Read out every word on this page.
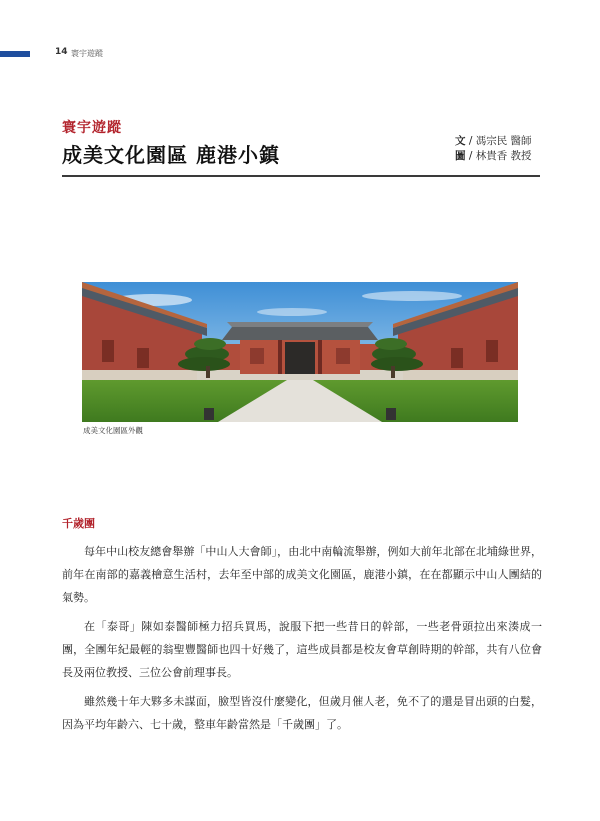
14 寰宇遊蹤
寰宇遊蹤
成美文化園區 鹿港小鎮
文 / 馮宗民 醫師
圖 / 林貴香 教授
成美文化園區外觀
千歲團

每年中山校友總會舉辦「中山人大會師」，由北中南輪流舉辦，例如大前年北部在北埔綠世界，前年在南部的嘉義檜意生活村，去年至中部的成美文化園區，鹿港小鎮，在在都顯示中山人團結的氣勢。

在「泰哥」陳如泰醫師極力招兵買馬，說服下把一些昔日的幹部，一些老骨頭拉出來湊成一團，全團年紀最輕的翁聖豐醫師也四十好幾了，這些成員都是校友會草創時期的幹部，共有八位會長及兩位教授、三位公會前理事長。

雖然幾十年大夥多未謀面，臉型皆沒什麼變化，但歲月催人老，免不了的還是冒出頭的白髮，因為平均年齡六、七十歲，整車年齡當然是「千歲團」了。
